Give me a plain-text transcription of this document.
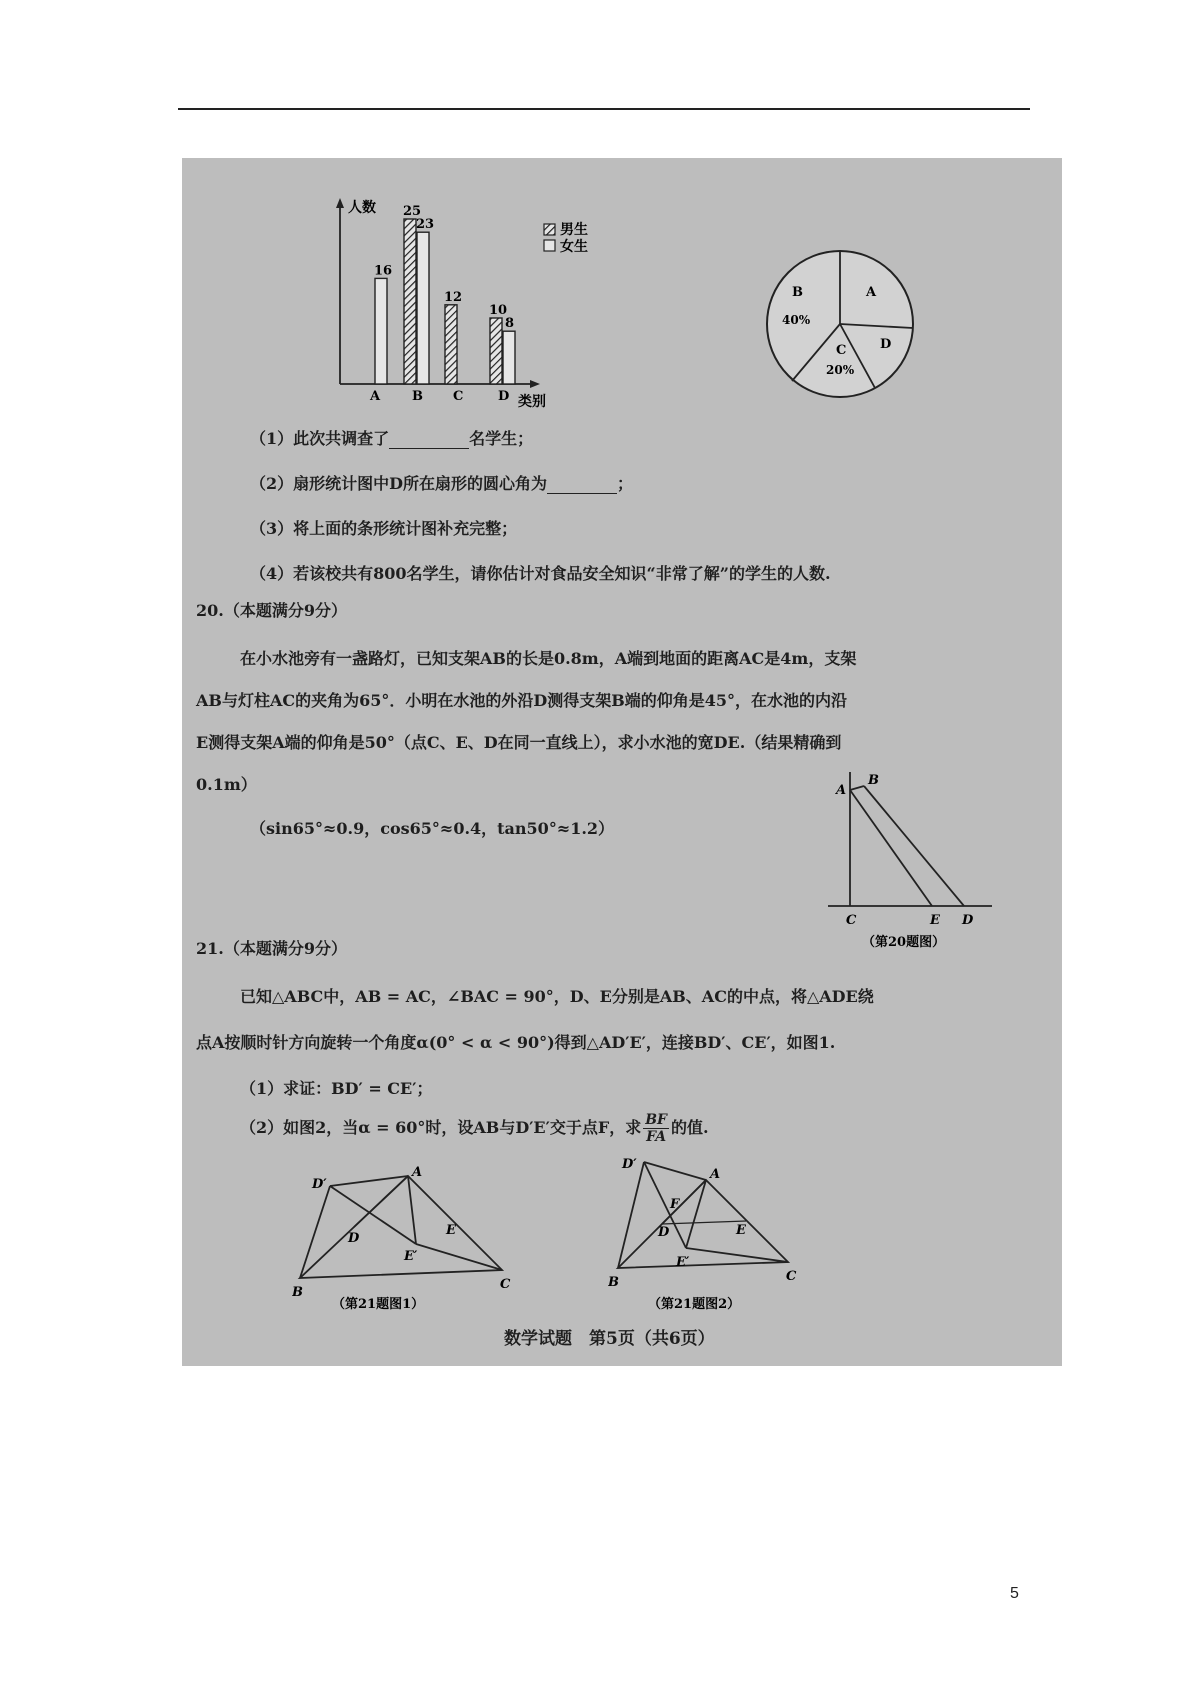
人数
类别
A
16
B
25
23
C
12
D
10
8
男生
女生
A
B
40%
C
20%
D
（1）此次共调查了	名学生；
（2）扇形统计图中D所在扇形的圆心角为	；
（3）将上面的条形统计图补充完整；
（4）若该校共有800名学生，请你估计对食品安全知识“非常了解”的学生的人数.
20.（本题满分9分）
在小水池旁有一盏路灯，已知支架AB的长是0.8m，A端到地面的距离AC是4m，支架
AB与灯柱AC的夹角为65°．小明在水池的外沿D测得支架B端的仰角是45°，在水池的内沿
E测得支架A端的仰角是50°（点C、E、D在同一直线上），求小水池的宽DE.（结果精确到
0.1m）
（sin65°≈0.9，cos65°≈0.4，tan50°≈1.2）
A
B
C	E D
（第20题图）
21.（本题满分9分）
已知△ABC中，AB = AC，∠BAC = 90°，D、E分别是AB、AC的中点，将△ADE绕
点A按顺时针方向旋转一个角度α(0° < α < 90°)得到△AD′E′，连接BD′、CE′，如图1.
（1）求证：BD′ = CE′；
（2）如图2，当α = 60°时，设AB与D′E′交于点F，求 $\frac{BF}{FA}$ 的值.
D′
A
D
E
E′
B
C
（第21题图1）
D′
A
F
D	E
E′
B	C
（第21题图2）
数学试题　第5页（共6页）
5
